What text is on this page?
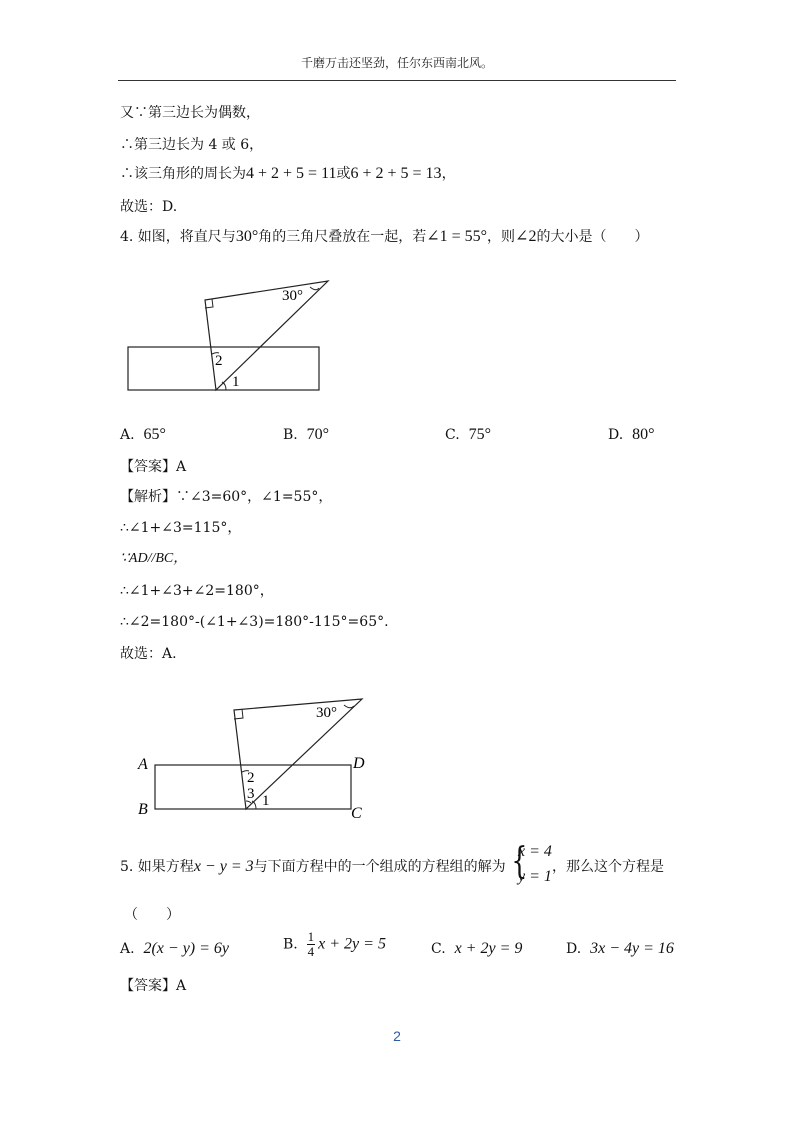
千磨万击还坚劲，任尔东西南北风。
又∵第三边长为偶数，
∴第三边长为 4 或 6，
∴该三角形的周长为4 + 2 + 5 = 11或6 + 2 + 5 = 13，
故选：D.
4. 如图，将直尺与30°角的三角尺叠放在一起，若∠1 = 55°，则∠2的大小是（　　）
30°
2
1
A. 65°	B. 70°	C. 75°	D. 80°
【答案】A
【解析】∵∠3=60°，∠1=55°，
∴∠1+∠3=115°，
∵AD//BC，
∴∠1+∠3+∠2=180°，
∴∠2=180°-(∠1+∠3)=180°-115°=65°.
故选：A.
30°
2
3 1
A
B
D
C
5. 如果方程x − y = 3与下面方程中的一个组成的方程组的解为 {
x = 4
y = 1
，那么这个方程是
（　　）
A. 2(x − y) = 6y	B. $\frac{1}{4}$ x + 2y = 5	C. x + 2y = 9	D. 3x − 4y = 16
【答案】A
2
